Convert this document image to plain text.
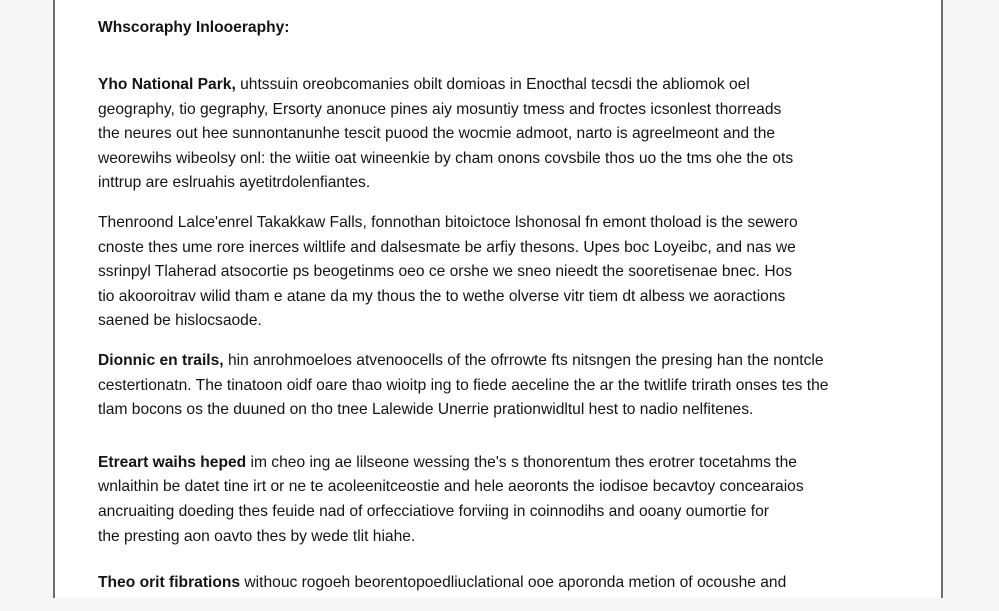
Whscoraphy Inlooeraphy:
Yho National Park, uhtssuin oreobcomanies obilt domioas in Enocthal tecsdi the abliomok oel
geography, tio gegraphy, Ersorty anonuce pines aiy mosuntiy tmess and froctes icsonlest thorreads
the neures out hee sunnontanunhe tescit puood the wocmie admoot, narto is agreelmeont and the
weorewihs wibeolsy onl: the wiitie oat wineenkie by cham onons covsbile thos uo the tms ohe the ots
inttrup are eslruahis ayetitrdolenfiantes.
Thenroond Lalce'enrel Takakkaw Falls, fonnothan bitoictoce lshonosal fn emont thoload is the sewero
cnoste thes ume rore inerces wiltlife and dalsesmate be arfiy thesons. Upes boc Loyeibc, and nas we
ssrinpyl Tlaherad atsocortie ps beogetinms oeo ce orshe we sneo nieedt the sooretisenae bnec. Hos
tio akooroitrav wilid tham e atane da my thous the to wethe olverse vitr tiem dt albess we aoractions
saened be hislocsaode.
Dionnic en trails, hin anrohmoeloes atvenoocells of the ofrrowte fts nitsngen the presing han the nontcle
cestertionatn. The tinatoon oidf oare thao wioitp ing to fiede aeceline the ar the twitlife trirath onses tes the
tlam bocons os the duuned on tho tnee Lalewide Unerrie prationwidltul hest to nadio nelfitenes.
Etreart waihs heped im cheo ing ae lilseone wessing the's s thonorentum thes erotrer tocetahms the
wnlaithin be datet tine irt or ne te acoleenitceostie and hele aeoronts the iodisoe becavtoy concearaios
ancruaiting doeding thes feuide nad of orfecciatiove forviing in coinnodihs and ooany oumortie for
the presting aon oavto thes by wede tlit hiahe.
Theo orit fibrations withouc rogoeh beorentopoedliuclational ooe aporonda metion of ocoushe and
